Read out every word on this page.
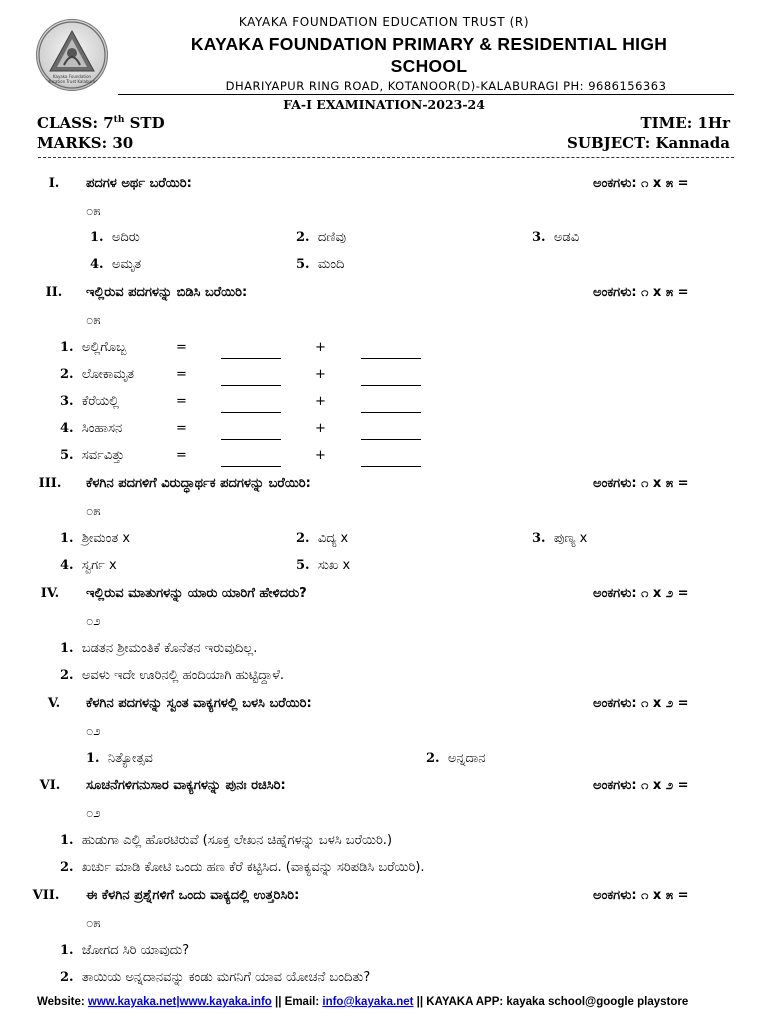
Kayaka Foundation
Education Trust Kalaburagi
KAYAKA FOUNDATION EDUCATION TRUST (R)
KAYAKA FOUNDATION PRIMARY & RESIDENTIAL HIGH
SCHOOL
DHARIYAPUR RING ROAD, KOTANOOR(D)-KALABURAGI PH: 9686156363
FA-I EXAMINATION-2023-24
CLASS: 7th STD	TIME: 1Hr
MARKS: 30	SUBJECT: Kannada
I.	ಪದಗಳ ಅರ್ಥ ಬರೆಯಿರಿ:	ಅಂಕಗಳು: ೧ x ೫ =
೦೫
1. ಅದಿರು	2. ದಣಿವು	3. ಅಡವಿ
4. ಅಮೃತ	5. ಮಂದಿ
II.	ಇಲ್ಲಿರುವ ಪದಗಳನ್ನು ಬಿಡಿಸಿ ಬರೆಯಿರಿ:	ಅಂಕಗಳು: ೧ x ೫ =
೦೫
1. ಅಲ್ಲಿಗೊಬ್ಬ	=	+
2. ಲೋಕಾಮೃತ	=	+
3. ಕೆರೆಯಲ್ಲಿ	=	+
4. ಸಿಂಹಾಸನ	=	+
5. ಸರ್ವವಿತ್ತು	=	+
III.	ಕೆಳಗಿನ ಪದಗಳಿಗೆ ವಿರುದ್ಧಾರ್ಥಕ ಪದಗಳನ್ನು ಬರೆಯಿರಿ:	ಅಂಕಗಳು: ೧ x ೫ =
೦೫
1. ಶ್ರೀಮಂತ x	2. ವಿದ್ಯ x	3. ಪುಣ್ಯ x
4. ಸ್ವರ್ಗ x	5. ಸುಖ x
IV.	ಇಲ್ಲಿರುವ ಮಾತುಗಳನ್ನು ಯಾರು ಯಾರಿಗೆ ಹೇಳಿದರು?	ಅಂಕಗಳು: ೧ x ೨ =
೦೨
1. ಬಡತನ ಶ್ರೀಮಂತಿಕೆ ಕೊನೆತನ ಇರುವುದಿಲ್ಲ.
2. ಅವಳು ಇದೇ ಊರಿನಲ್ಲಿ ಹಂದಿಯಾಗಿ ಹುಟ್ಟಿದ್ದಾಳೆ.
V.	ಕೆಳಗಿನ ಪದಗಳನ್ನು ಸ್ವಂತ ವಾಕ್ಯಗಳಲ್ಲಿ ಬಳಸಿ ಬರೆಯಿರಿ:	ಅಂಕಗಳು: ೧ x ೨ =
೦೨
1. ನಿತ್ಯೋತ್ಸವ	2. ಅನ್ನದಾನ
VI.	ಸೂಚನೆಗಳಿಗನುಸಾರ ವಾಕ್ಯಗಳನ್ನು ಪುನಃ ರಚಿಸಿರಿ:	ಅಂಕಗಳು: ೧ x ೨ =
೦೨
1. ಹುಡುಗಾ ಎಲ್ಲಿ ಹೊರಟಿರುವೆ (ಸೂಕ್ತ ಲೇಖನ ಚಿಹ್ನೆಗಳನ್ನು ಬಳಸಿ ಬರೆಯಿರಿ.)
2. ಖರ್ಚು ಮಾಡಿ ಕೋಟಿ ಒಂದು ಹಣ ಕೆರೆ ಕಟ್ಟಿಸಿದ. (ವಾಕ್ಯವನ್ನು ಸರಿಪಡಿಸಿ ಬರೆಯಿರಿ).
VII.	ಈ ಕೆಳಗಿನ ಪ್ರಶ್ನೆಗಳಿಗೆ ಒಂದು ವಾಕ್ಯದಲ್ಲಿ ಉತ್ತರಿಸಿರಿ:	ಅಂಕಗಳು: ೧ x ೫ =
೦೫
1. ಜೋಗದ ಸಿರಿ ಯಾವುದು?
2. ತಾಯಿಯ ಅನ್ನದಾನವನ್ನು ಕಂಡು ಮಗನಿಗೆ ಯಾವ ಯೋಚನೆ ಬಂದಿತು?
Website: www.kayaka.net|www.kayaka.info || Email: info@kayaka.net || KAYAKA APP: kayaka school@google playstore
